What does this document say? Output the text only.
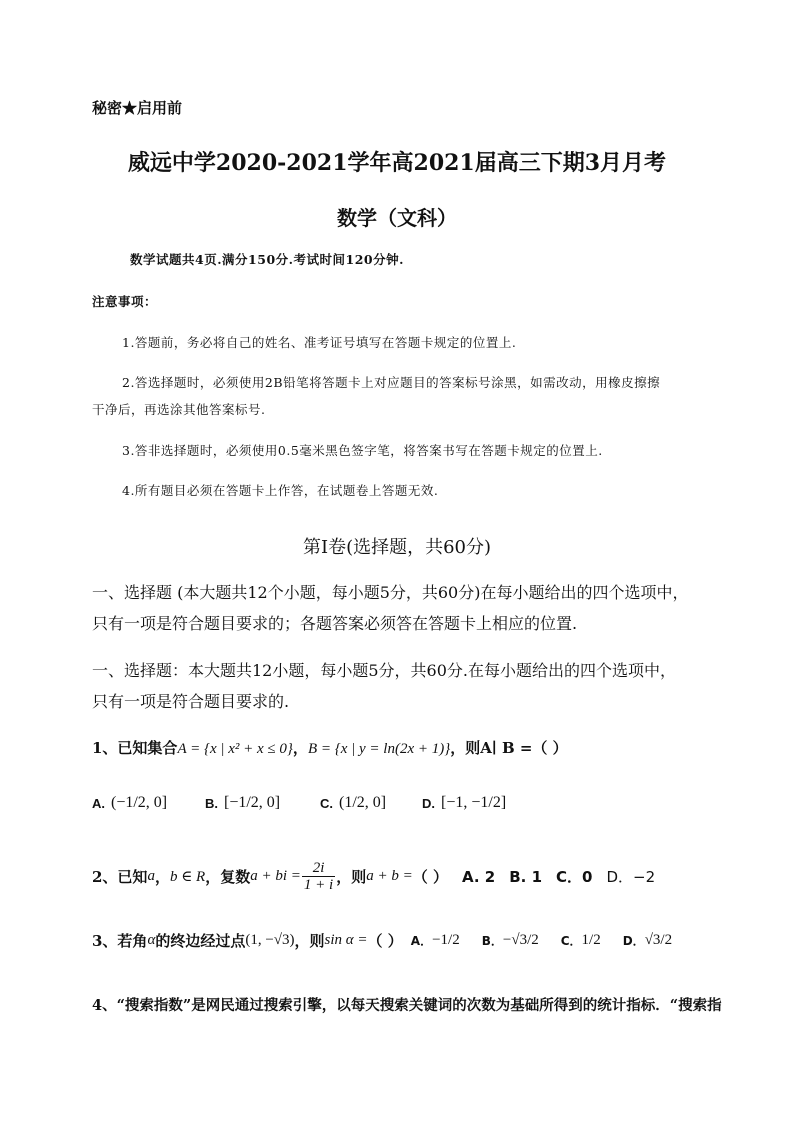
秘密★启用前
威远中学2020-2021学年高2021届高三下期3月月考
数学（文科）
数学试题共4页.满分150分.考试时间120分钟.
注意事项：
1.答题前，务必将自己的姓名、准考证号填写在答题卡规定的位置上.
2.答选择题时，必须使用2B铅笔将答题卡上对应题目的答案标号涂黑，如需改动，用橡皮擦擦
干净后，再选涂其他答案标号.
3.答非选择题时，必须使用0.5毫米黑色签字笔，将答案书写在答题卡规定的位置上.
4.所有题目必须在答题卡上作答，在试题卷上答题无效.
第Ⅰ卷(选择题，共60分)
一、选择题 (本大题共12个小题，每小题5分，共60分)在每小题给出的四个选项中，
只有一项是符合题目要求的；各题答案必须答在答题卡上相应的位置.
一、选择题：本大题共12小题，每小题5分，共60分.在每小题给出的四个选项中，
只有一项是符合题目要求的.
1、已知集合A = {x | x² + x ≤ 0}，B = {x | y = ln(2x + 1)}，则A∣ B =（ ）
A. (−1/2, 0]	B. [−1/2, 0]	C. (1/2, 0]	D. [−1, −1/2]
2、已知 a ， b ∈ R ，复数 a + bi = $\frac{2i}{1 + i}$ ，则 a + b = （ ） A. 2 B. 1 C．0 D．−2
3、若角 α 的终边经过点 (1, −√3) ，则 sin α = （ ） A． −1/2 B． −√3/2 C． 1/2 D． √3/2
4、“搜索指数”是网民通过搜索引擎，以每天搜索关键词的次数为基础所得到的统计指标．“搜索指
